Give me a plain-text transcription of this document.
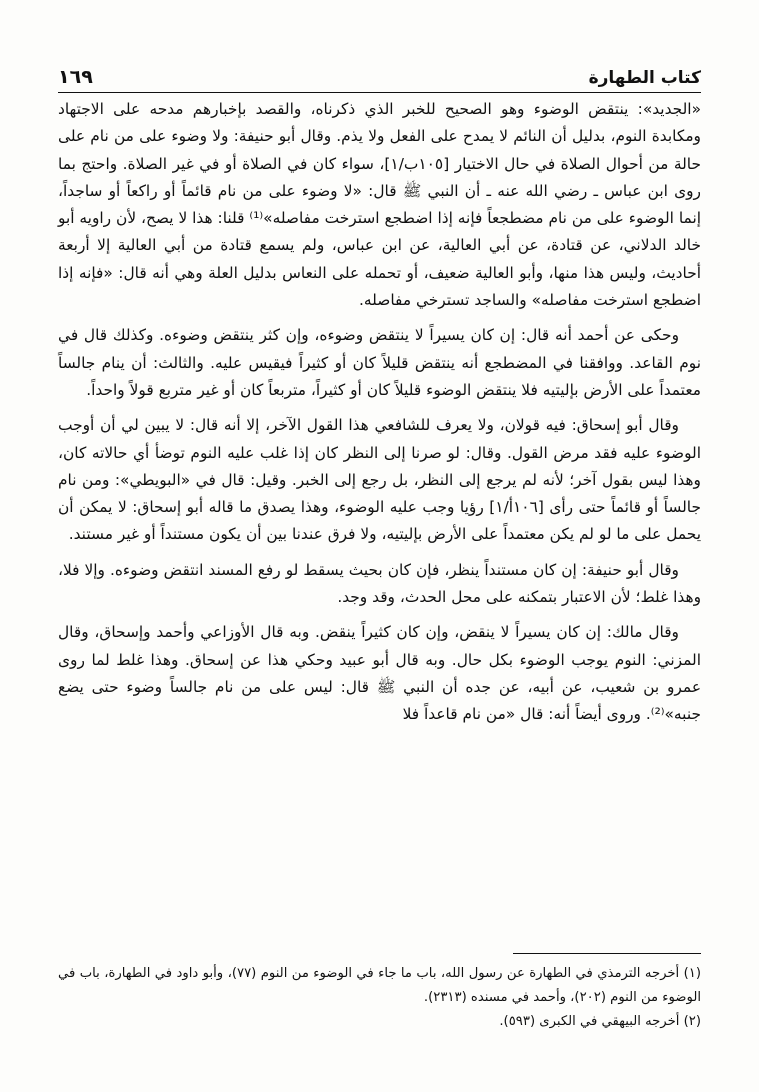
كتاب الطهارة
١٦٩

«الجديد»: ينتقض الوضوء وهو الصحيح للخبر الذي ذكرناه، والقصد بإخبارهم مدحه على الاجتهاد ومكابدة النوم، بدليل أن النائم لا يمدح على الفعل ولا يذم. وقال أبو حنيفة: ولا وضوء على من نام على حالة من أحوال الصلاة في حال الاختيار [١٠٥ب/١]، سواء كان في الصلاة أو في غير الصلاة. واحتج بما روى ابن عباس ـ رضي الله عنه ـ أن النبي ﷺ قال: «لا وضوء على من نام قائماً أو راكعاً أو ساجداً، إنما الوضوء على من نام مضطجعاً فإنه إذا اضطجع استرخت مفاصله»⁽¹⁾ قلنا: هذا لا يصح، لأن راويه أبو خالد الدلاني، عن قتادة، عن أبي العالية، عن ابن عباس، ولم يسمع قتادة من أبي العالية إلا أربعة أحاديث، وليس هذا منها، وأبو العالية ضعيف، أو تحمله على النعاس بدليل العلة وهي أنه قال: «فإنه إذا اضطجع استرخت مفاصله» والساجد تسترخي مفاصله.

وحكى عن أحمد أنه قال: إن كان يسيراً لا ينتقض وضوءه، وإن كثر ينتقض وضوءه. وكذلك قال في نوم القاعد. ووافقنا في المضطجع أنه ينتقض قليلاً كان أو كثيراً فيقيس عليه. والثالث: أن ينام جالساً معتمداً على الأرض بإليتيه فلا ينتقض الوضوء قليلاً كان أو كثيراً، متربعاً كان أو غير متربع قولاً واحداً.

وقال أبو إسحاق: فيه قولان، ولا يعرف للشافعي هذا القول الآخر، إلا أنه قال: لا يبين لي أن أوجب الوضوء عليه فقد مرض القول. وقال: لو صرنا إلى النظر كان إذا غلب عليه النوم توضأ أي حالاته كان، وهذا ليس بقول آخر؛ لأنه لم يرجع إلى النظر، بل رجع إلى الخبر. وقيل: قال في «البويطي»: ومن نام جالساً أو قائماً حتى رأى [١٠٦أ/١] رؤيا وجب عليه الوضوء، وهذا يصدق ما قاله أبو إسحاق: لا يمكن أن يحمل على ما لو لم يكن معتمداً على الأرض بإليتيه، ولا فرق عندنا بين أن يكون مستنداً أو غير مستند.

وقال أبو حنيفة: إن كان مستنداً ينظر، فإن كان بحيث يسقط لو رفع المسند انتقض وضوءه. وإلا فلا، وهذا غلط؛ لأن الاعتبار بتمكنه على محل الحدث، وقد وجد.

وقال مالك: إن كان يسيراً لا ينقض، وإن كان كثيراً ينقض. وبه قال الأوزاعي وأحمد وإسحاق، وقال المزني: النوم يوجب الوضوء بكل حال. وبه قال أبو عبيد وحكي هذا عن إسحاق. وهذا غلط لما روى عمرو بن شعيب، عن أبيه، عن جده أن النبي ﷺ قال: ليس على من نام جالساً وضوء حتى يضع جنبه»⁽²⁾. وروى أيضاً أنه: قال «من نام قاعداً فلا

(١) أخرجه الترمذي في الطهارة عن رسول الله، باب ما جاء في الوضوء من النوم (٧٧)، وأبو داود في الطهارة، باب في الوضوء من النوم (٢٠٢)، وأحمد في مسنده (٢٣١٣).

(٢) أخرجه البيهقي في الكبرى (٥٩٣).
